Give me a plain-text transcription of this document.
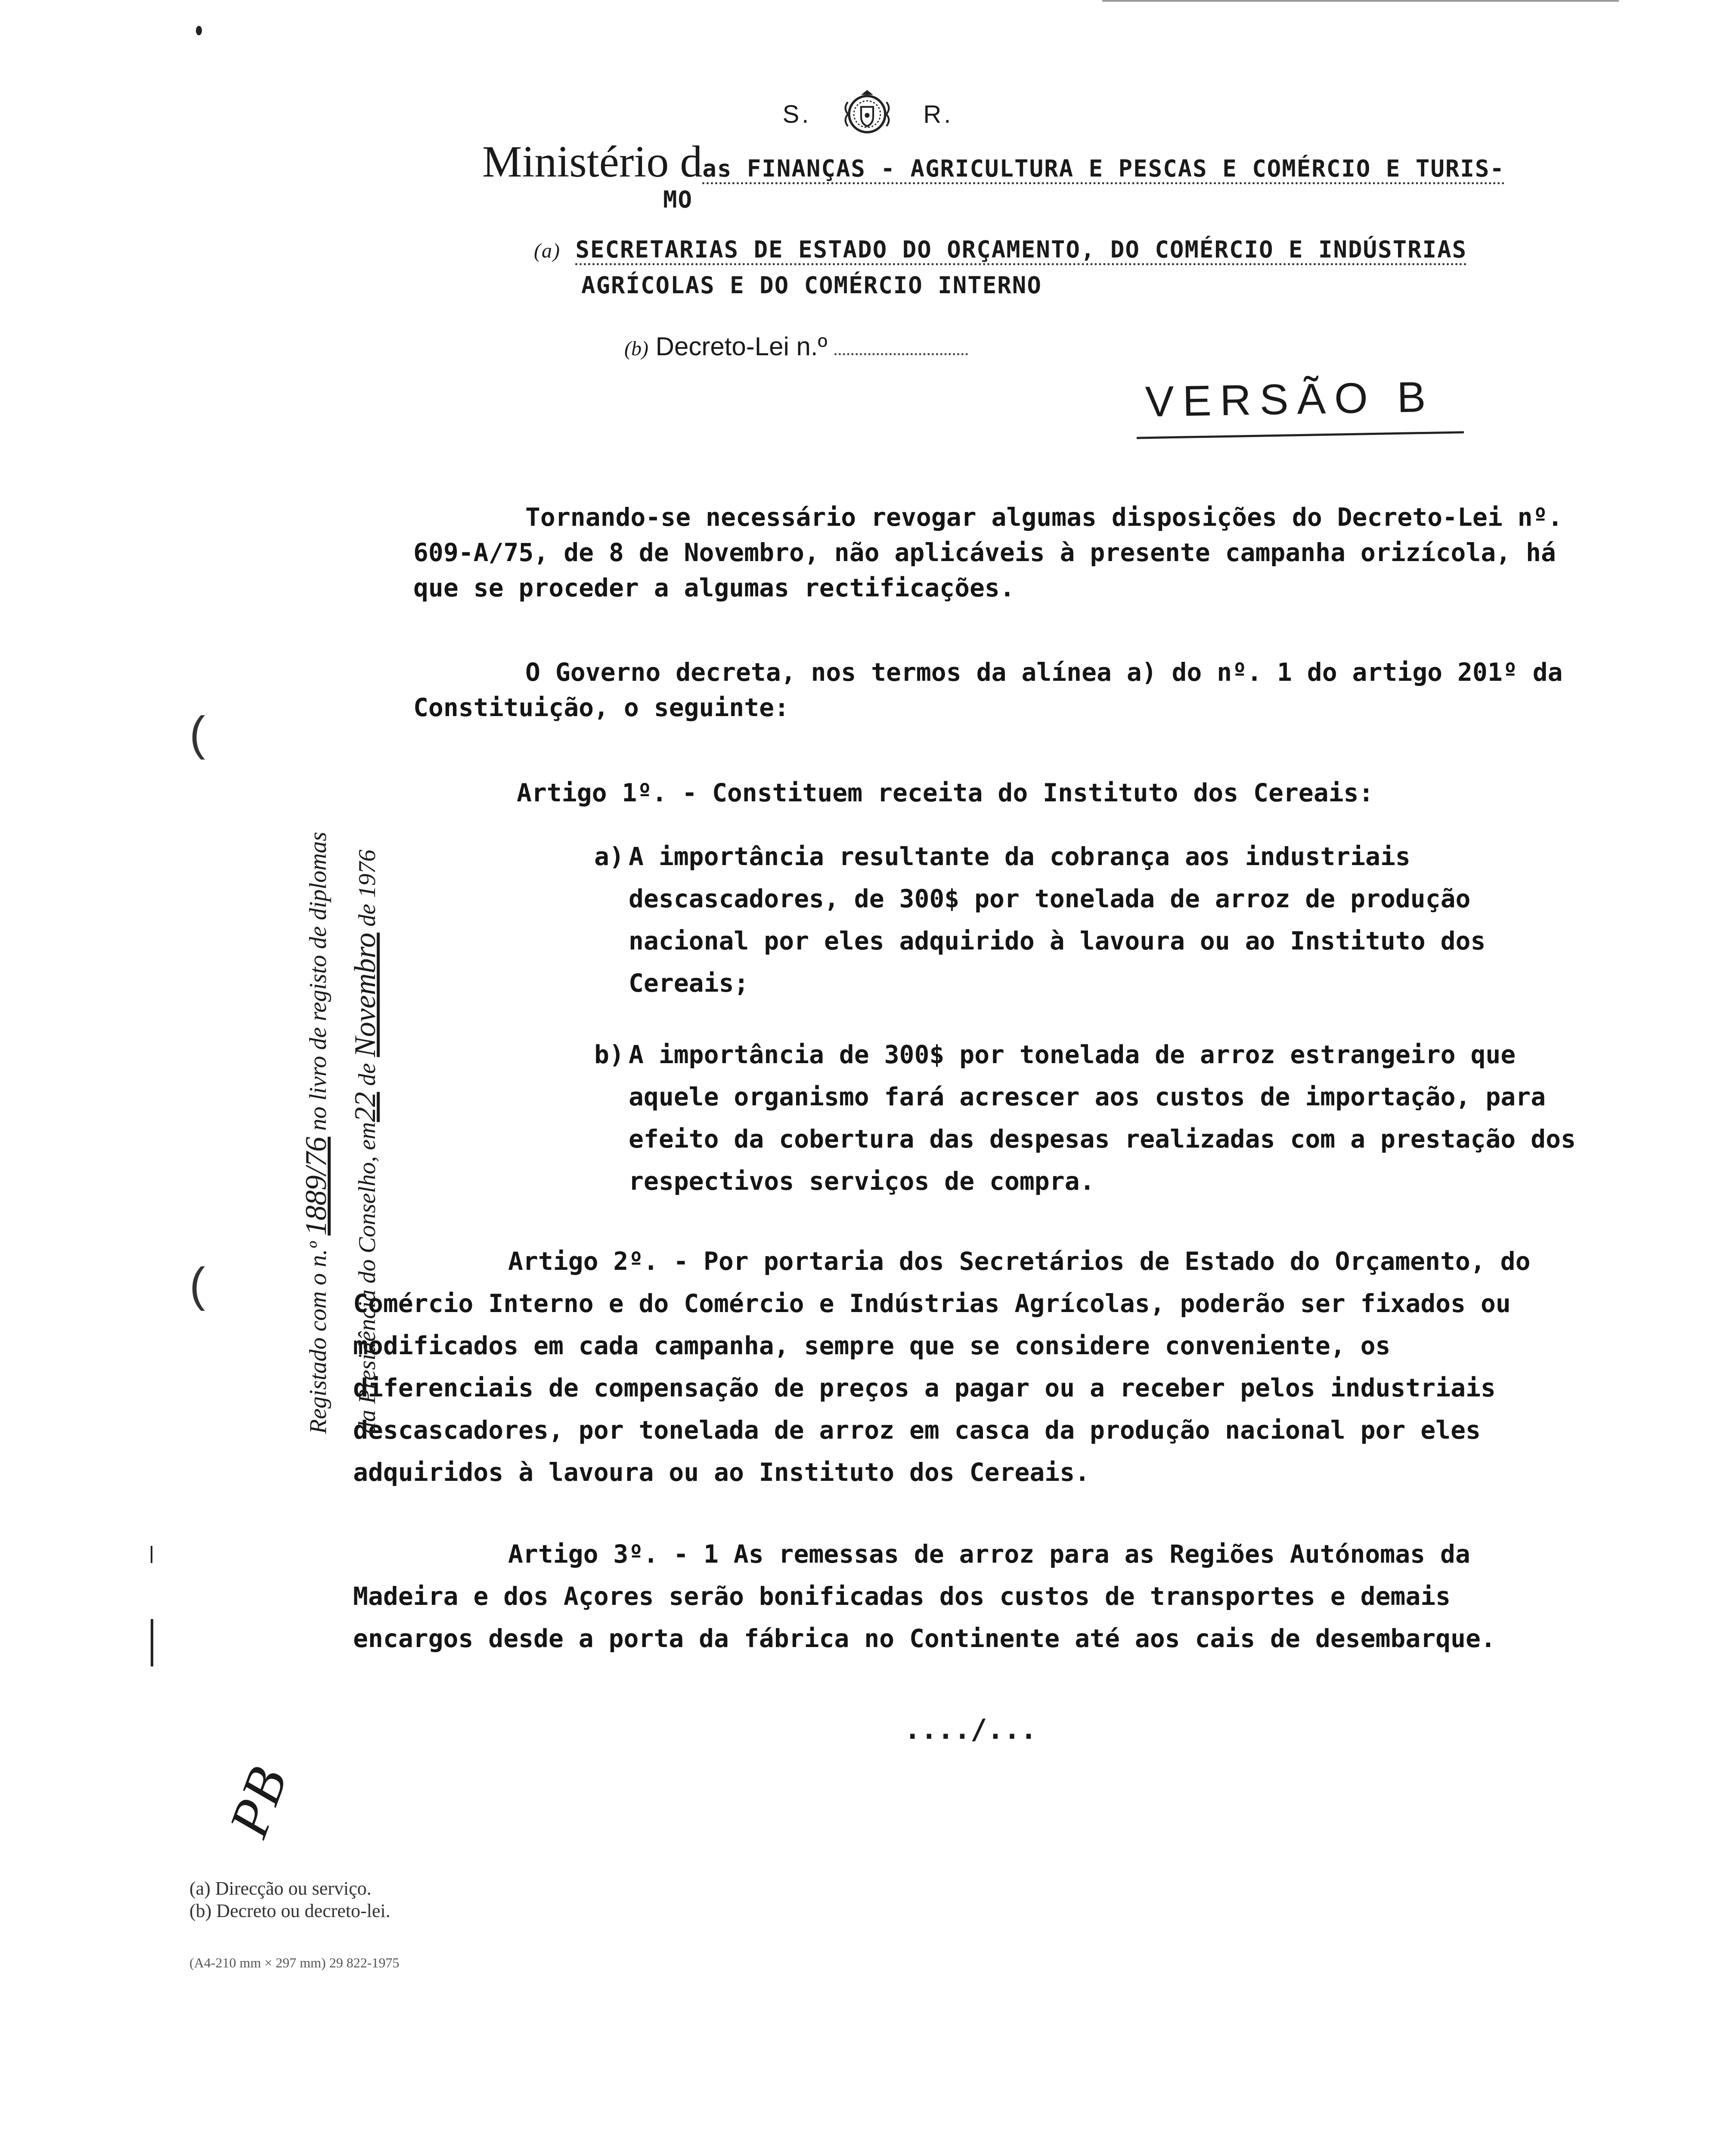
S.	R.
Ministério das FINANÇAS - AGRICULTURA E PESCAS E COMÉRCIO E TURIS-
MO
(a) SECRETARIAS DE ESTADO DO ORÇAMENTO, DO COMÉRCIO E INDÚSTRIAS
AGRÍCOLAS E DO COMÉRCIO INTERNO
(b) Decreto-Lei n.º
VERSÃO B
Tornando-se necessário revogar algumas disposições do Decreto-Lei nº. 609-A/75, de 8 de Novembro, não aplicáveis à presente campanha orizícola, há que se proceder a algumas rectificações.
O Governo decreta, nos termos da alínea a) do nº. 1 do artigo 201º da Constituição, o seguinte:
Artigo 1º. - Constituem receita do Instituto dos Cereais:
a) A importância resultante da cobrança aos industriais descascadores, de 300$ por tonelada de arroz de produção nacional por eles adquirido à lavoura ou ao Instituto dos Cereais;
b) A importância de 300$ por tonelada de arroz estrangeiro que aquele organismo fará acrescer aos custos de importação, para efeito da cobertura das despesas realizadas com a prestação dos respectivos serviços de compra.
Artigo 2º. - Por portaria dos Secretários de Estado do Orçamento, do Comércio Interno e do Comércio e Indústrias Agrícolas, poderão ser fixados ou modificados em cada campanha, sempre que se considere conveniente, os diferenciais de compensação de preços a pagar ou a receber pelos industriais descascadores, por tonelada de arroz em casca da produção nacional por eles adquiridos à lavoura ou ao Instituto dos Cereais.
Artigo 3º. - 1 As remessas de arroz para as Regiões Autónomas da Madeira e dos Açores serão bonificadas dos custos de transportes e demais encargos desde a porta da fábrica no Continente até aos cais de desembarque.
..../...
(
(	Registado com o n.º 1889/76 no livro de registo de diplomas
da Presidência do Conselho, em22 de Novembro de 1976
PB
(a) Direcção ou serviço.
(b) Decreto ou decreto-lei.
(A4-210 mm × 297 mm) 29 822-1975
